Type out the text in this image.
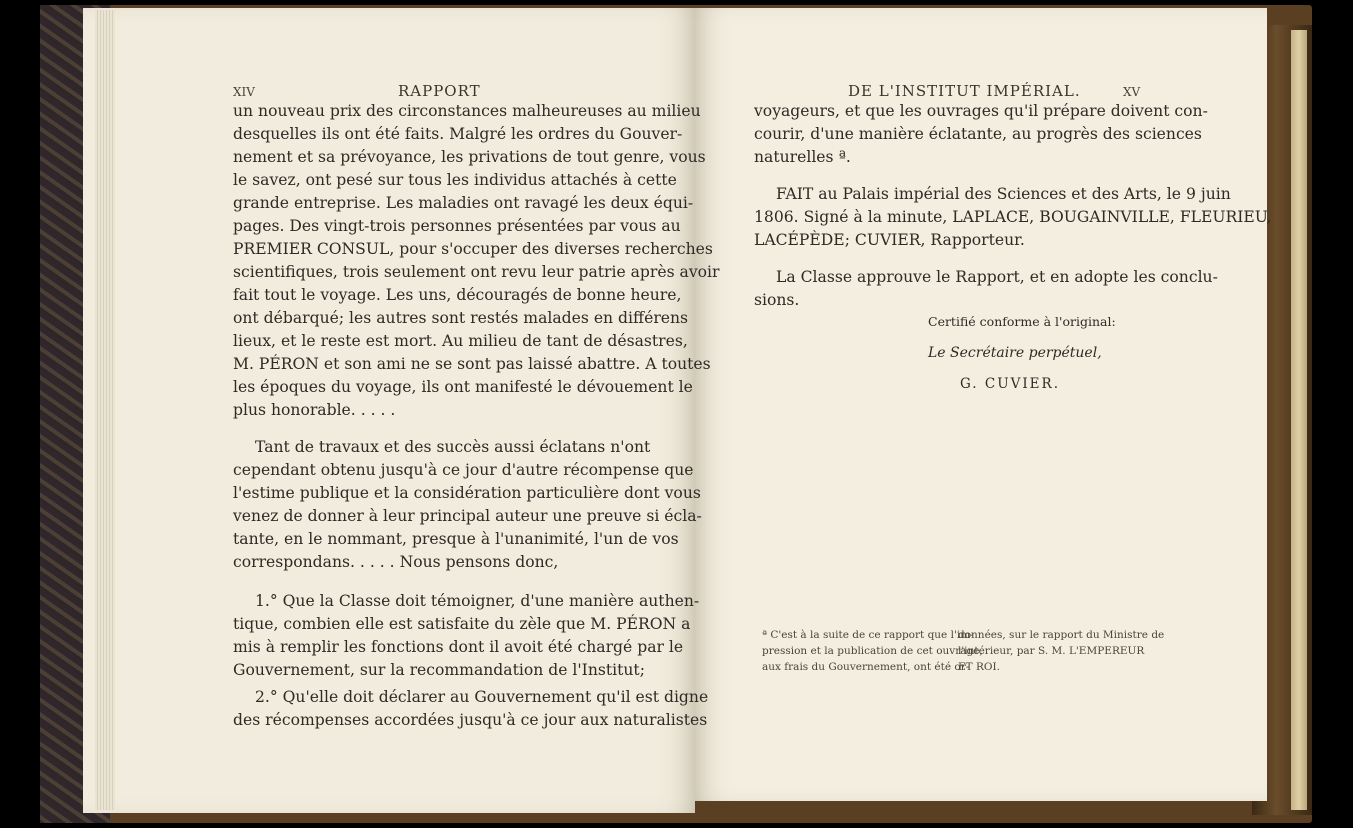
XIV	RAPPORT
un nouveau prix des circonstances malheureuses au milieu
desquelles ils ont été faits. Malgré les ordres du Gouver-
nement et sa prévoyance, les privations de tout genre, vous
le savez, ont pesé sur tous les individus attachés à cette
grande entreprise. Les maladies ont ravagé les deux équi-
pages. Des vingt-trois personnes présentées par vous au
PREMIER CONSUL, pour s'occuper des diverses recherches
scientifiques, trois seulement ont revu leur patrie après avoir
fait tout le voyage. Les uns, découragés de bonne heure,
ont débarqué; les autres sont restés malades en différens
lieux, et le reste est mort. Au milieu de tant de désastres,
M. PÉRON et son ami ne se sont pas laissé abattre. A toutes
les époques du voyage, ils ont manifesté le dévouement le
plus honorable. . . . .
Tant de travaux et des succès aussi éclatans n'ont
cependant obtenu jusqu'à ce jour d'autre récompense que
l'estime publique et la considération particulière dont vous
venez de donner à leur principal auteur une preuve si écla-
tante, en le nommant, presque à l'unanimité, l'un de vos
correspondans. . . . . Nous pensons donc,
1.° Que la Classe doit témoigner, d'une manière authen-
tique, combien elle est satisfaite du zèle que M. PÉRON a
mis à remplir les fonctions dont il avoit été chargé par le
Gouvernement, sur la recommandation de l'Institut;
2.° Qu'elle doit déclarer au Gouvernement qu'il est digne
des récompenses accordées jusqu'à ce jour aux naturalistes
DE L'INSTITUT IMPÉRIAL.	XV
voyageurs, et que les ouvrages qu'il prépare doivent con-
courir, d'une manière éclatante, au progrès des sciences
naturelles ª.
FAIT au Palais impérial des Sciences et des Arts, le 9 juin
1806. Signé à la minute, LAPLACE, BOUGAINVILLE, FLEURIEU,
LACÉPÈDE; CUVIER, Rapporteur.
La Classe approuve le Rapport, et en adopte les conclu-
sions.
Certifié conforme à l'original:
Le Secrétaire perpétuel,
G. CUVIER.
ª C'est à la suite de ce rapport que l'im-
pression et la publication de cet ouvrage,
aux frais du Gouvernement, ont été or-
données, sur le rapport du Ministre de
l'intérieur, par S. M. L'EMPEREUR
ET ROI.
